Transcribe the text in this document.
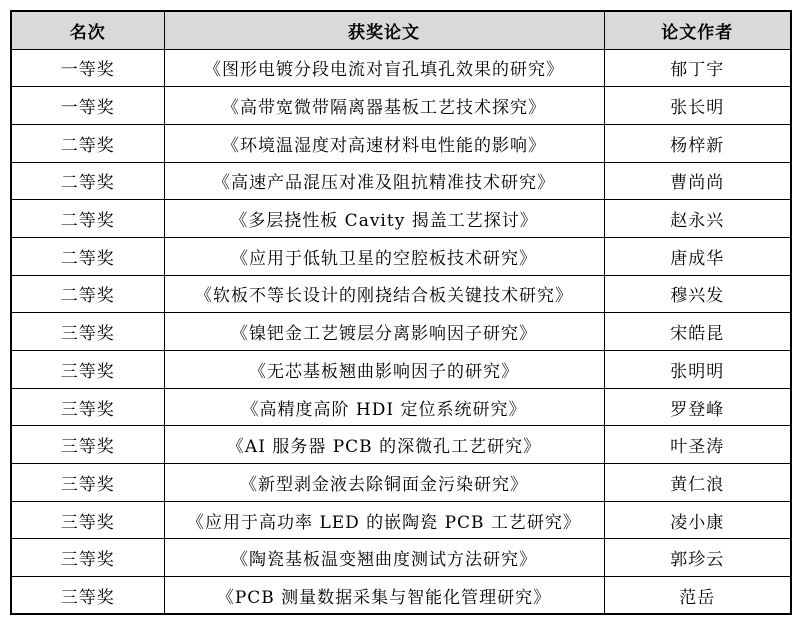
名次	获奖论文	论文作者
一等奖	《图形电镀分段电流对盲孔填孔效果的研究》	郁丁宇
一等奖	《高带宽微带隔离器基板工艺技术探究》	张长明
二等奖	《环境温湿度对高速材料电性能的影响》	杨梓新
二等奖	《高速产品混压对准及阻抗精准技术研究》	曹尚尚
二等奖	《多层挠性板 Cavity 揭盖工艺探讨》	赵永兴
二等奖	《应用于低轨卫星的空腔板技术研究》	唐成华
二等奖	《软板不等长设计的刚挠结合板关键技术研究》	穆兴发
三等奖	《镍钯金工艺镀层分离影响因子研究》	宋皓昆
三等奖	《无芯基板翘曲影响因子的研究》	张明明
三等奖	《高精度高阶 HDI 定位系统研究》	罗登峰
三等奖	《AI 服务器 PCB 的深微孔工艺研究》	叶圣涛
三等奖	《新型剥金液去除铜面金污染研究》	黄仁浪
三等奖	《应用于高功率 LED 的嵌陶瓷 PCB 工艺研究》	凌小康
三等奖	《陶瓷基板温变翘曲度测试方法研究》	郭珍云
三等奖	《PCB 测量数据采集与智能化管理研究》	范岳
